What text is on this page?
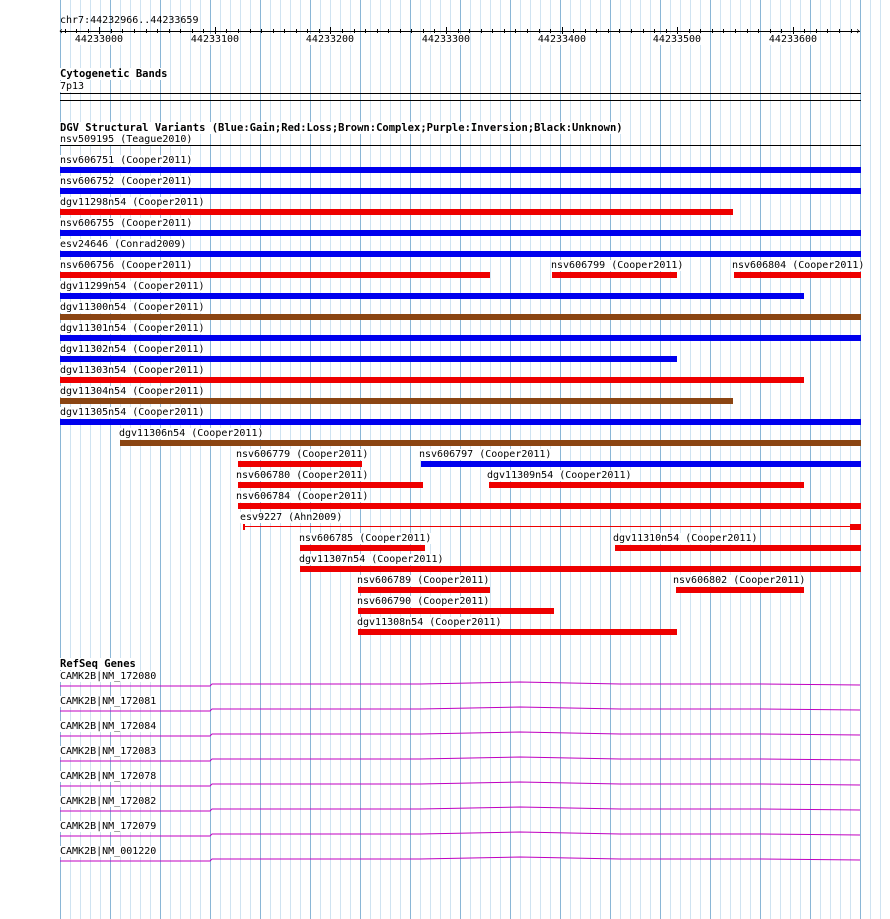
chr7:44232966..44233659
44233000	44233100	44233200	44233300	44233400	44233500	44233600
‹	›
Cytogenetic Bands
7p13
DGV Structural Variants (Blue:Gain;Red:Loss;Brown:Complex;Purple:Inversion;Black:Unknown)
nsv509195 (Teague2010)
nsv606751 (Cooper2011)
nsv606752 (Cooper2011)
dgv11298n54 (Cooper2011)
nsv606755 (Cooper2011)
esv24646 (Conrad2009)
nsv606756 (Cooper2011)	nsv606799 (Cooper2011)	nsv606804 (Cooper2011)
dgv11299n54 (Cooper2011)
dgv11300n54 (Cooper2011)
dgv11301n54 (Cooper2011)
dgv11302n54 (Cooper2011)
dgv11303n54 (Cooper2011)
dgv11304n54 (Cooper2011)
dgv11305n54 (Cooper2011)
dgv11306n54 (Cooper2011)
nsv606779 (Cooper2011)	nsv606797 (Cooper2011)
nsv606780 (Cooper2011)	dgv11309n54 (Cooper2011)
nsv606784 (Cooper2011)
esv9227 (Ahn2009)
nsv606785 (Cooper2011)	dgv11310n54 (Cooper2011)
dgv11307n54 (Cooper2011)
nsv606789 (Cooper2011)	nsv606802 (Cooper2011)
nsv606790 (Cooper2011)
dgv11308n54 (Cooper2011)
RefSeq Genes
CAMK2B|NM_172080
CAMK2B|NM_172081
CAMK2B|NM_172084
CAMK2B|NM_172083
CAMK2B|NM_172078
CAMK2B|NM_172082
CAMK2B|NM_172079
CAMK2B|NM_001220
